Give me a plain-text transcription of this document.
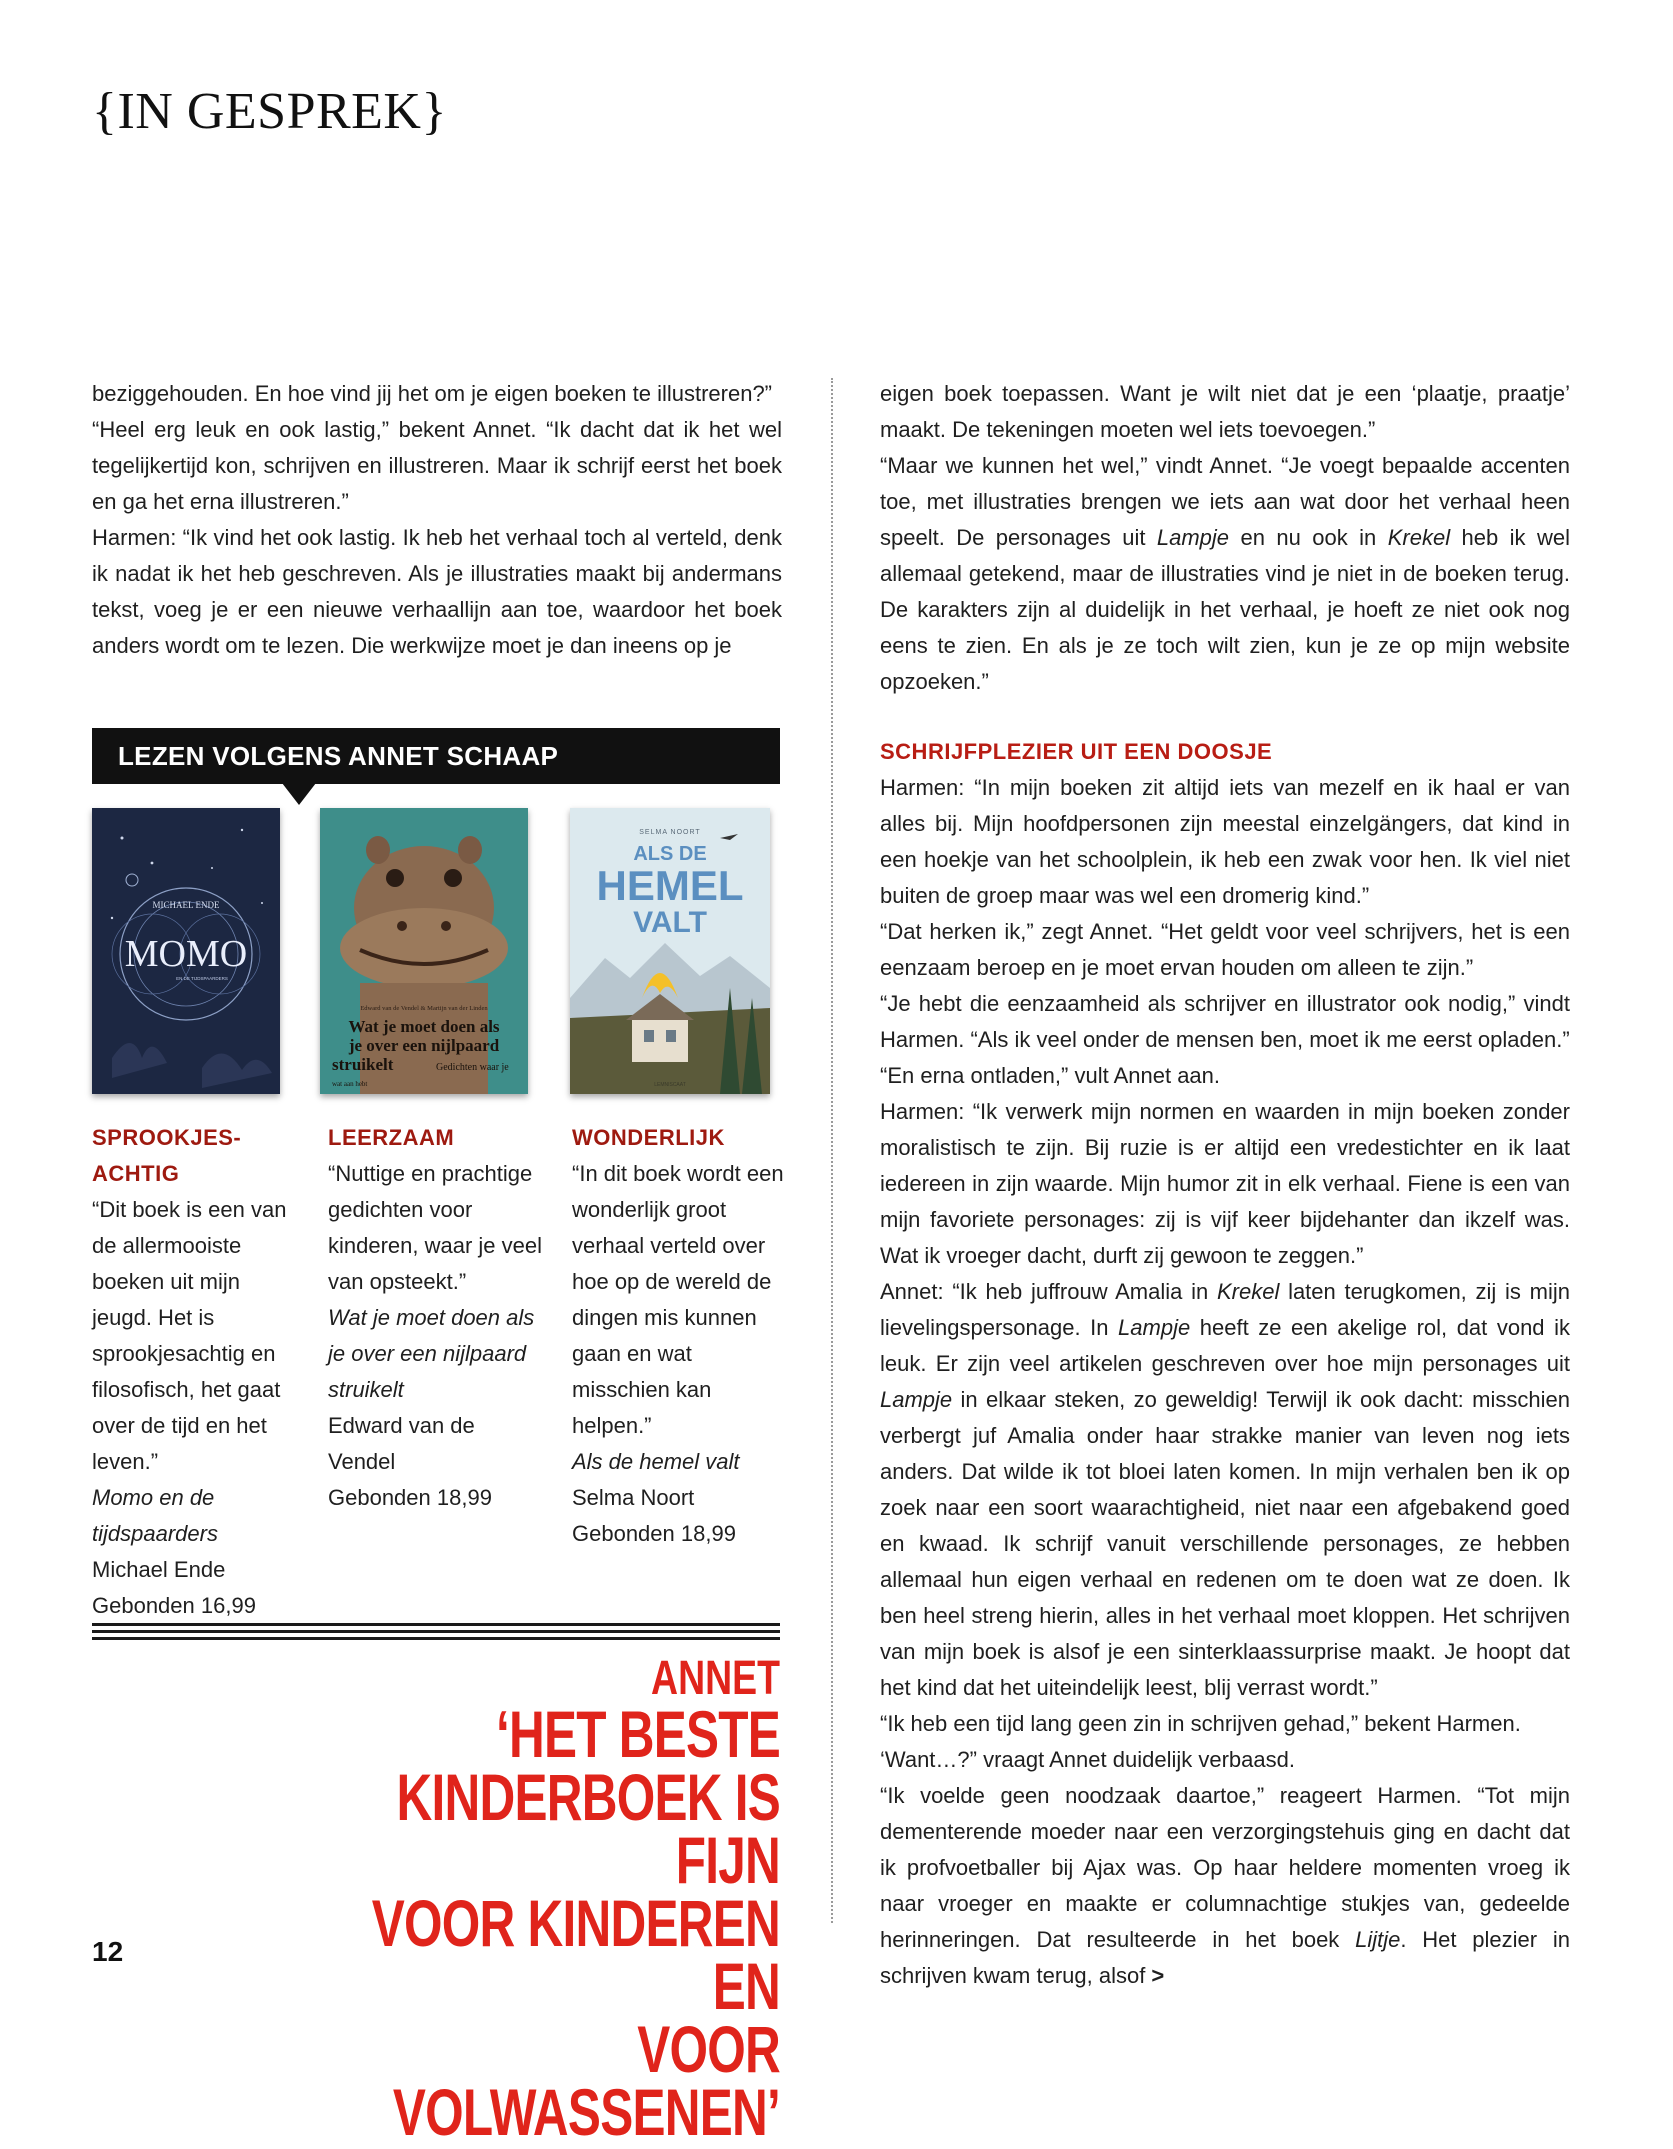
{IN GESPREK}

beziggehouden. En hoe vind jij het om je eigen boeken te illustreren?”

“Heel erg leuk en ook lastig,” bekent Annet. “Ik dacht dat ik het wel tegelijkertijd kon, schrijven en illustreren. Maar ik schrijf eerst het boek en ga het erna illustreren.”

Harmen: “Ik vind het ook lastig. Ik heb het verhaal toch al verteld, denk ik nadat ik het heb geschreven. Als je illustraties maakt bij andermans tekst, voeg je er een nieuwe verhaallijn aan toe, waardoor het boek anders wordt om te lezen. Die werkwijze moet je dan ineens op je

LEZEN VOLGENS ANNET SCHAAP
MICHAEL ENDE
MOMO
EN DE TIJDSPAARDERS
Edward van de Vendel & Martijn van der Linden
Wat je moet doen als
je over een nijlpaard
struikelt	Gedichten waar je
wat aan hebt
SELMA NOORT
ALS DE
HEMEL
VALT
LEMNISCAAT

SPROOKJES-

ACHTIG

“Dit boek is een van de allermooiste boeken uit mijn jeugd. Het is sprookjesachtig en filosofisch, het gaat over de tijd en het leven.”

Momo en de tijdspaarders

Michael Ende

Gebonden 16,99

LEERZAAM

“Nuttige en prachtige gedichten voor kinderen, waar je veel van opsteekt.”

Wat je moet doen als je over een nijlpaard struikelt

Edward van de Vendel

Gebonden 18,99

WONDERLIJK

“In dit boek wordt een wonderlijk groot verhaal verteld over hoe op de wereld de dingen mis kunnen gaan en wat misschien kan helpen.”

Als de hemel valt

Selma Noort

Gebonden 18,99

ANNET
‘HET BESTE
KINDERBOEK IS FIJN
VOOR KINDEREN EN
VOOR VOLWASSENEN’

eigen boek toepassen. Want je wilt niet dat je een ‘plaatje, praatje’ maakt. De tekeningen moeten wel iets toevoegen.”

“Maar we kunnen het wel,” vindt Annet. “Je voegt bepaalde accenten toe, met illustraties brengen we iets aan wat door het verhaal heen speelt. De personages uit Lampje en nu ook in Krekel heb ik wel allemaal getekend, maar de illustraties vind je niet in de boeken terug. De karakters zijn al duidelijk in het verhaal, je hoeft ze niet ook nog eens te zien. En als je ze toch wilt zien, kun je ze op mijn website opzoeken.”

SCHRIJFPLEZIER UIT EEN DOOSJE

Harmen: “In mijn boeken zit altijd iets van mezelf en ik haal er van alles bij. Mijn hoofdpersonen zijn meestal einzelgängers, dat kind in een hoekje van het schoolplein, ik heb een zwak voor hen. Ik viel niet buiten de groep maar was wel een dromerig kind.”

“Dat herken ik,” zegt Annet. “Het geldt voor veel schrijvers, het is een eenzaam beroep en je moet ervan houden om alleen te zijn.”

“Je hebt die eenzaamheid als schrijver en illustrator ook nodig,” vindt Harmen. “Als ik veel onder de mensen ben, moet ik me eerst opladen.”

“En erna ontladen,” vult Annet aan.

Harmen: “Ik verwerk mijn normen en waarden in mijn boeken zonder moralistisch te zijn. Bij ruzie is er altijd een vredestichter en ik laat iedereen in zijn waarde. Mijn humor zit in elk verhaal. Fiene is een van mijn favoriete personages: zij is vijf keer bijdehanter dan ikzelf was. Wat ik vroeger dacht, durft zij gewoon te zeggen.”

Annet: “Ik heb juffrouw Amalia in Krekel laten terugkomen, zij is mijn lievelingspersonage. In Lampje heeft ze een akelige rol, dat vond ik leuk. Er zijn veel artikelen geschreven over hoe mijn personages uit Lampje in elkaar steken, zo geweldig! Terwijl ik ook dacht: misschien verbergt juf Amalia onder haar strakke manier van leven nog iets anders. Dat wilde ik tot bloei laten komen. In mijn verhalen ben ik op zoek naar een soort waarachtigheid, niet naar een afgebakend goed en kwaad. Ik schrijf vanuit verschillende personages, ze hebben allemaal hun eigen verhaal en redenen om te doen wat ze doen. Ik ben heel streng hierin, alles in het verhaal moet kloppen. Het schrijven van mijn boek is alsof je een sinterklaassurprise maakt. Je hoopt dat het kind dat het uiteindelijk leest, blij verrast wordt.”

“Ik heb een tijd lang geen zin in schrijven gehad,” bekent Harmen.

‘Want…?” vraagt Annet duidelijk verbaasd.

“Ik voelde geen noodzaak daartoe,” reageert Harmen. “Tot mijn dementerende moeder naar een verzorgingstehuis ging en dacht dat ik profvoetballer bij Ajax was. Op haar heldere momenten vroeg ik naar vroeger en maakte er columnachtige stukjes van, gedeelde herinneringen. Dat resulteerde in het boek Lijtje. Het plezier in schrijven kwam terug, alsof >

12
